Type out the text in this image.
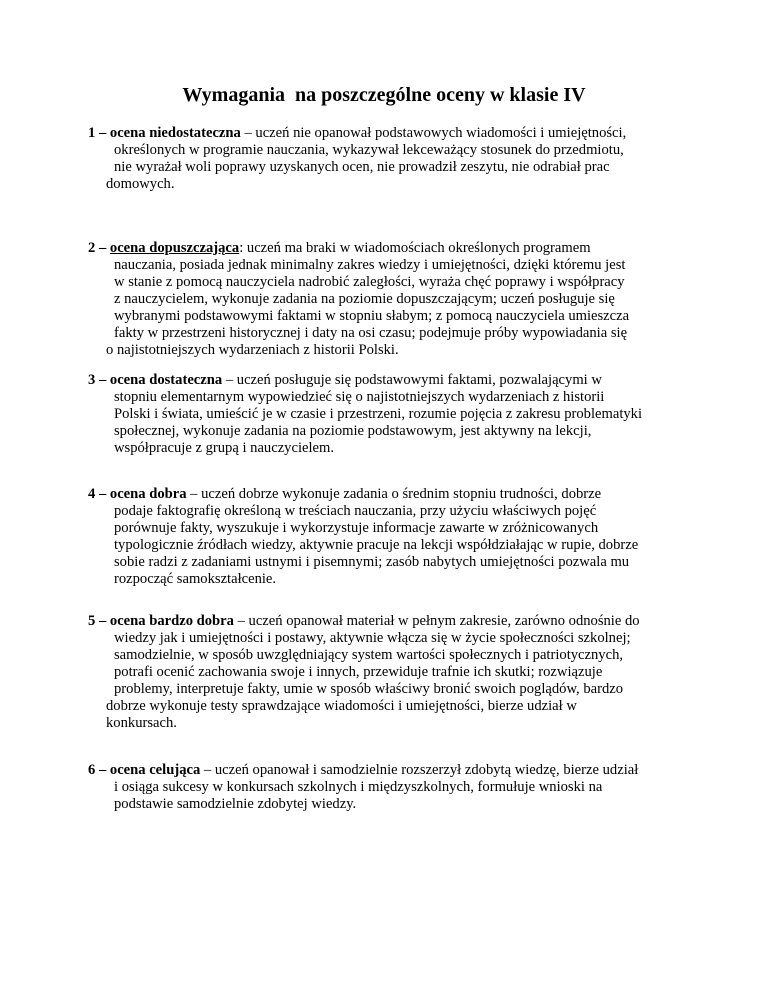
Wymagania  na poszczególne oceny w klasie IV
1 – ocena niedostateczna – uczeń nie opanował podstawowych wiadomości i umiejętności,
określonych w programie nauczania, wykazywał lekceważący stosunek do przedmiotu,
nie wyrażał woli poprawy uzyskanych ocen, nie prowadził zeszytu, nie odrabiał prac
domowych.
2 – ocena dopuszczająca: uczeń ma braki w wiadomościach określonych programem
nauczania, posiada jednak minimalny zakres wiedzy i umiejętności, dzięki któremu jest
w stanie z pomocą nauczyciela nadrobić zaległości, wyraża chęć poprawy i współpracy
z nauczycielem, wykonuje zadania na poziomie dopuszczającym; uczeń posługuje się
wybranymi podstawowymi faktami w stopniu słabym; z pomocą nauczyciela umieszcza
fakty w przestrzeni historycznej i daty na osi czasu; podejmuje próby wypowiadania się
o najistotniejszych wydarzeniach z historii Polski.
3 – ocena dostateczna – uczeń posługuje się podstawowymi faktami, pozwalającymi w
stopniu elementarnym wypowiedzieć się o najistotniejszych wydarzeniach z historii
Polski i świata, umieścić je w czasie i przestrzeni, rozumie pojęcia z zakresu problematyki
społecznej, wykonuje zadania na poziomie podstawowym, jest aktywny na lekcji,
współpracuje z grupą i nauczycielem.
4 – ocena dobra – uczeń dobrze wykonuje zadania o średnim stopniu trudności, dobrze
podaje faktografię określoną w treściach nauczania, przy użyciu właściwych pojęć
porównuje fakty, wyszukuje i wykorzystuje informacje zawarte w zróżnicowanych
typologicznie źródłach wiedzy, aktywnie pracuje na lekcji współdziałając w rupie, dobrze
sobie radzi z zadaniami ustnymi i pisemnymi; zasób nabytych umiejętności pozwala mu
rozpocząć samokształcenie.
5 – ocena bardzo dobra – uczeń opanował materiał w pełnym zakresie, zarówno odnośnie do
wiedzy jak i umiejętności i postawy, aktywnie włącza się w życie społeczności szkolnej;
samodzielnie, w sposób uwzględniający system wartości społecznych i patriotycznych,
potrafi ocenić zachowania swoje i innych, przewiduje trafnie ich skutki; rozwiązuje
problemy, interpretuje fakty, umie w sposób właściwy bronić swoich poglądów, bardzo
dobrze wykonuje testy sprawdzające wiadomości i umiejętności, bierze udział w
konkursach.
6 – ocena celująca – uczeń opanował i samodzielnie rozszerzył zdobytą wiedzę, bierze udział
i osiąga sukcesy w konkursach szkolnych i międzyszkolnych, formułuje wnioski na
podstawie samodzielnie zdobytej wiedzy.
